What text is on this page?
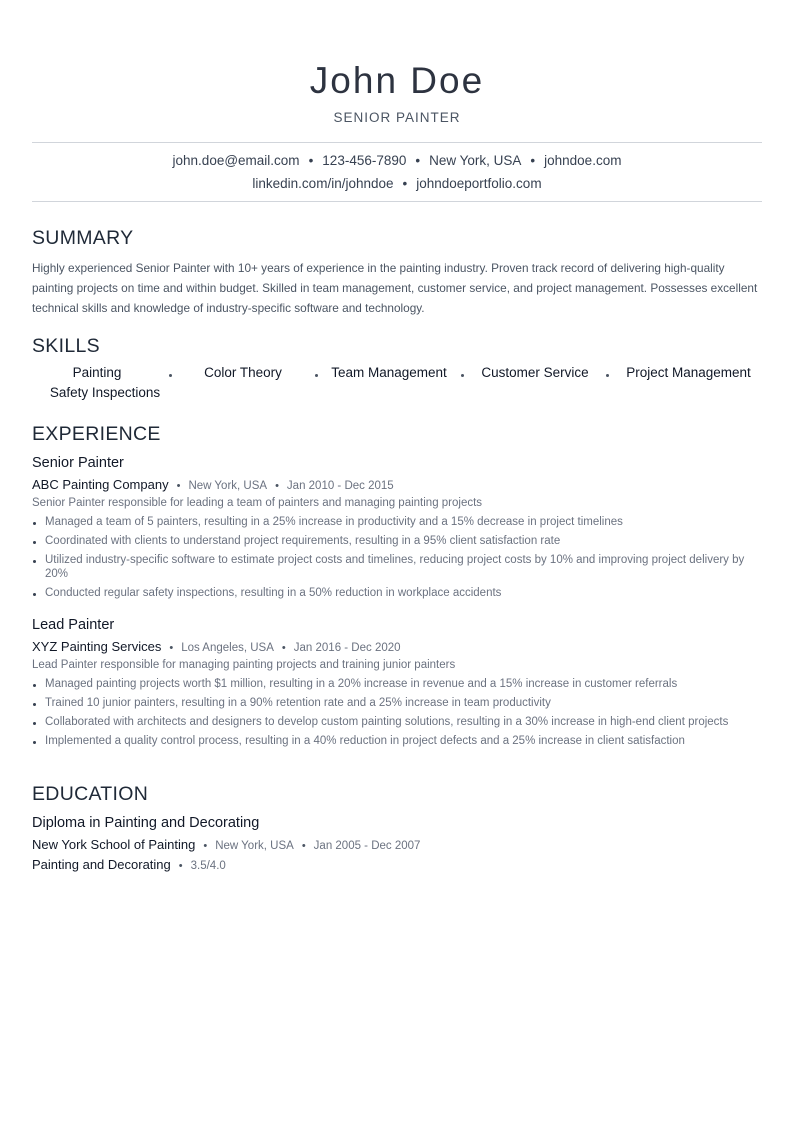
John Doe
SENIOR PAINTER
john.doe@email.com • 123-456-7890 • New York, USA • johndoe.com
linkedin.com/in/johndoe • johndoeportfolio.com
SUMMARY

Highly experienced Senior Painter with 10+ years of experience in the painting industry. Proven track record of delivering high-quality painting projects on time and within budget. Skilled in team management, customer service, and project management. Possesses excellent technical skills and knowledge of industry-specific software and technology.

SKILLS
Painting	Color Theory	Team Management	Customer Service	Project Management
Safety Inspections
EXPERIENCE
Senior Painter
ABC Painting Company • New York, USA • Jan 2010 - Dec 2015

Senior Painter responsible for leading a team of painters and managing painting projects

Managed a team of 5 painters, resulting in a 25% increase in productivity and a 15% decrease in project timelines
Coordinated with clients to understand project requirements, resulting in a 95% client satisfaction rate
Utilized industry-specific software to estimate project costs and timelines, reducing project costs by 10% and improving project delivery by 20%
Conducted regular safety inspections, resulting in a 50% reduction in workplace accidents
Lead Painter
XYZ Painting Services • Los Angeles, USA • Jan 2016 - Dec 2020

Lead Painter responsible for managing painting projects and training junior painters

Managed painting projects worth $1 million, resulting in a 20% increase in revenue and a 15% increase in customer referrals
Trained 10 junior painters, resulting in a 90% retention rate and a 25% increase in team productivity
Collaborated with architects and designers to develop custom painting solutions, resulting in a 30% increase in high-end client projects
Implemented a quality control process, resulting in a 40% reduction in project defects and a 25% increase in client satisfaction
EDUCATION
Diploma in Painting and Decorating
New York School of Painting • New York, USA • Jan 2005 - Dec 2007
Painting and Decorating • 3.5/4.0
